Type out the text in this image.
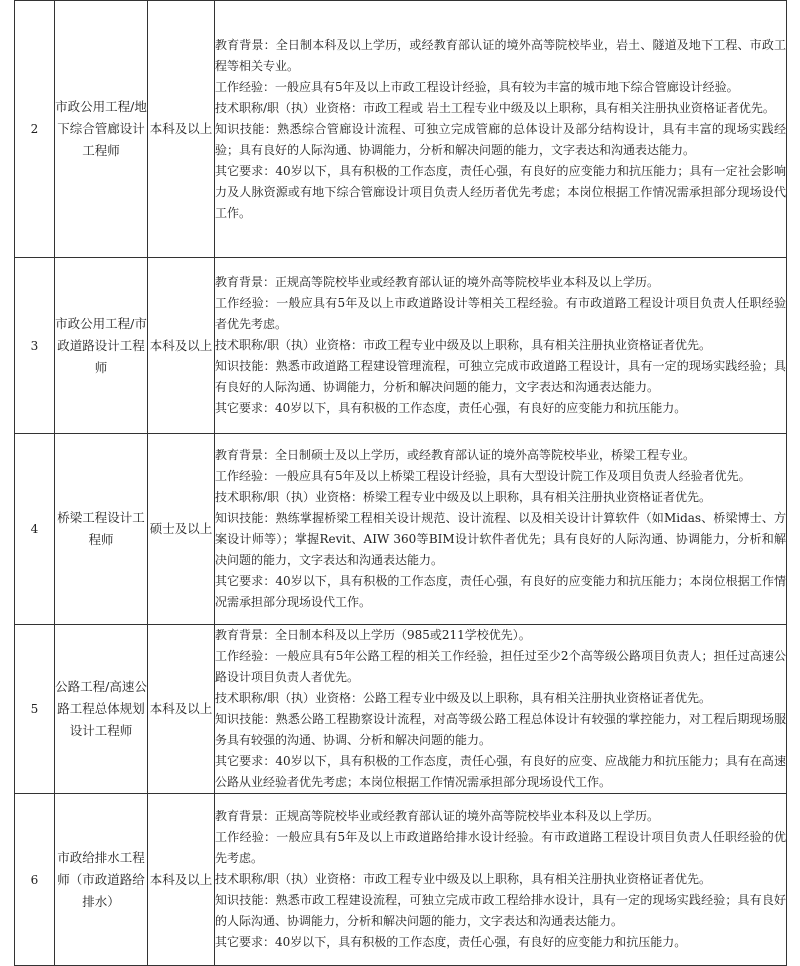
2	市政公用工程/地下综合管廊设计工程师	本科及以上	教育背景：全日制本科及以上学历，或经教育部认证的境外高等院校毕业，岩土、隧道及地下工程、市政工程等相关专业。

工作经验：一般应具有5年及以上市政工程设计经验，具有较为丰富的城市地下综合管廊设计经验。

技术职称/职（执）业资格：市政工程或 岩土工程专业中级及以上职称，具有相关注册执业资格证者优先。

知识技能：熟悉综合管廊设计流程、可独立完成管廊的总体设计及部分结构设计，具有丰富的现场实践经验；具有良好的人际沟通、协调能力，分析和解决问题的能力，文字表达和沟通表达能力。

其它要求：40岁以下，具有积极的工作态度，责任心强，有良好的应变能力和抗压能力；具有一定社会影响力及人脉资源或有地下综合管廊设计项目负责人经历者优先考虑；本岗位根据工作情况需承担部分现场设代工作。

3	市政公用工程/市政道路设计工程师	本科及以上	教育背景：正规高等院校毕业或经教育部认证的境外高等院校毕业本科及以上学历。

工作经验：一般应具有5年及以上市政道路设计等相关工程经验。有市政道路工程设计项目负责人任职经验者优先考虑。

技术职称/职（执）业资格：市政工程专业中级及以上职称，具有相关注册执业资格证者优先。

知识技能：熟悉市政道路工程建设管理流程，可独立完成市政道路工程设计，具有一定的现场实践经验；具有良好的人际沟通、协调能力，分析和解决问题的能力，文字表达和沟通表达能力。

其它要求：40岁以下，具有积极的工作态度，责任心强，有良好的应变能力和抗压能力。

4	桥梁工程设计工程师	硕士及以上	教育背景：全日制硕士及以上学历，或经教育部认证的境外高等院校毕业，桥梁工程专业。

工作经验：一般应具有5年及以上桥梁工程设计经验，具有大型设计院工作及项目负责人经验者优先。

技术职称/职（执）业资格：桥梁工程专业中级及以上职称，具有相关注册执业资格证者优先。

知识技能：熟练掌握桥梁工程相关设计规范、设计流程、以及相关设计计算软件（如Midas、桥梁博士、方案设计师等）；掌握Revit、AIW 360等BIM设计软件者优先；具有良好的人际沟通、协调能力，分析和解决问题的能力，文字表达和沟通表达能力。

其它要求：40岁以下，具有积极的工作态度，责任心强，有良好的应变能力和抗压能力；本岗位根据工作情况需承担部分现场设代工作。

5	公路工程/高速公路工程总体规划设计工程师	本科及以上	教育背景：全日制本科及以上学历（985或211学校优先）。

工作经验：一般应具有5年公路工程的相关工作经验，担任过至少2个高等级公路项目负责人；担任过高速公路设计项目负责人者优先。

技术职称/职（执）业资格：公路工程专业中级及以上职称，具有相关注册执业资格证者优先。

知识技能：熟悉公路工程勘察设计流程，对高等级公路工程总体设计有较强的掌控能力，对工程后期现场服务具有较强的沟通、协调、分析和解决问题的能力。

其它要求：40岁以下，具有积极的工作态度，责任心强，有良好的应变、应战能力和抗压能力；具有在高速公路从业经验者优先考虑；本岗位根据工作情况需承担部分现场设代工作。

6	市政给排水工程师（市政道路给排水）	本科及以上	教育背景：正规高等院校毕业或经教育部认证的境外高等院校毕业本科及以上学历。

工作经验：一般应具有5年及以上市政道路给排水设计经验。有市政道路工程设计项目负责人任职经验的优先考虑。

技术职称/职（执）业资格：市政工程专业中级及以上职称，具有相关注册执业资格证者优先。

知识技能：熟悉市政工程建设流程，可独立完成市政工程给排水设计，具有一定的现场实践经验；具有良好的人际沟通、协调能力，分析和解决问题的能力，文字表达和沟通表达能力。

其它要求：40岁以下，具有积极的工作态度，责任心强，有良好的应变能力和抗压能力。
